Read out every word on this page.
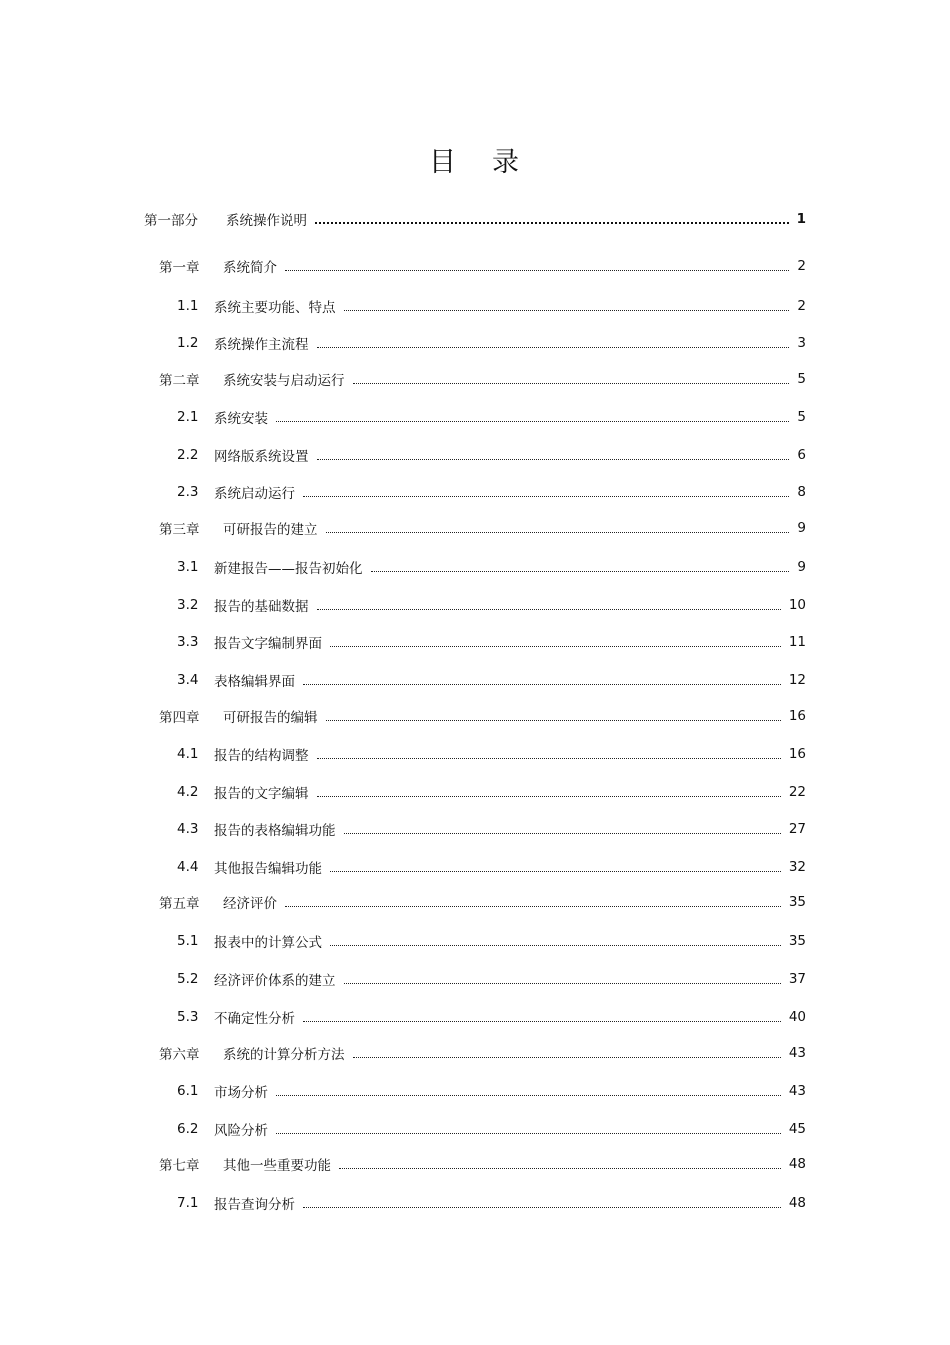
目 录
第一部分	系统操作说明	1
第一章	系统简介	2
1.1	系统主要功能、特点	2
1.2	系统操作主流程	3
第二章	系统安装与启动运行	5
2.1	系统安装	5
2.2	网络版系统设置	6
2.3	系统启动运行	8
第三章	可研报告的建立	9
3.1	新建报告——报告初始化	9
3.2	报告的基础数据	10
3.3	报告文字编制界面	11
3.4	表格编辑界面	12
第四章	可研报告的编辑	16
4.1	报告的结构调整	16
4.2	报告的文字编辑	22
4.3	报告的表格编辑功能	27
4.4	其他报告编辑功能	32
第五章	经济评价	35
5.1	报表中的计算公式	35
5.2	经济评价体系的建立	37
5.3	不确定性分析	40
第六章	系统的计算分析方法	43
6.1	市场分析	43
6.2	风险分析	45
第七章	其他一些重要功能	48
7.1	报告查询分析	48
